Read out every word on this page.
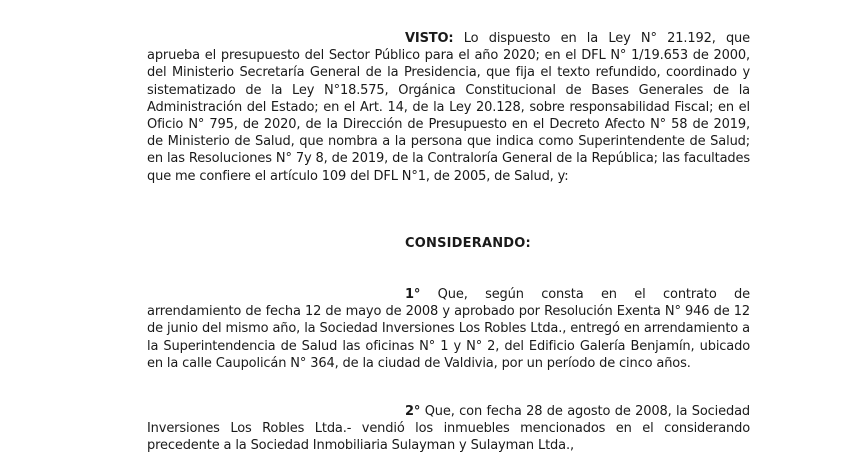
VISTO: Lo dispuesto en la Ley N° 21.192, que aprueba el presupuesto del Sector Público para el año 2020; en el DFL N° 1/19.653 de 2000, del Ministerio Secretaría General de la Presidencia, que fija el texto refundido, coordinado y sistematizado de la Ley N°18.575, Orgánica Constitucional de Bases Generales de la Administración del Estado; en el Art. 14, de la Ley 20.128, sobre responsabilidad Fiscal; en el Oficio N° 795, de 2020, de la Dirección de Presupuesto en el Decreto Afecto N° 58 de 2019, de Ministerio de Salud, que nombra a la persona que indica como Superintendente de Salud; en las Resoluciones N° 7y 8, de 2019, de la Contraloría General de la República; las facultades que me confiere el artículo 109 del DFL N°1, de 2005, de Salud, y:

CONSIDERANDO:

1° Que, según consta en el contrato de arrendamiento de fecha 12 de mayo de 2008 y aprobado por Resolución Exenta N° 946 de 12 de junio del mismo año, la Sociedad Inversiones Los Robles Ltda., entregó en arrendamiento a la Superintendencia de Salud las oficinas N° 1 y N° 2, del Edificio Galería Benjamín, ubicado en la calle Caupolicán N° 364, de la ciudad de Valdivia, por un período de cinco años.

2° Que, con fecha 28 de agosto de 2008, la Sociedad Inversiones Los Robles Ltda.- vendió los inmuebles mencionados en el considerando precedente a la Sociedad Inmobiliaria Sulayman y Sulayman Ltda.,
